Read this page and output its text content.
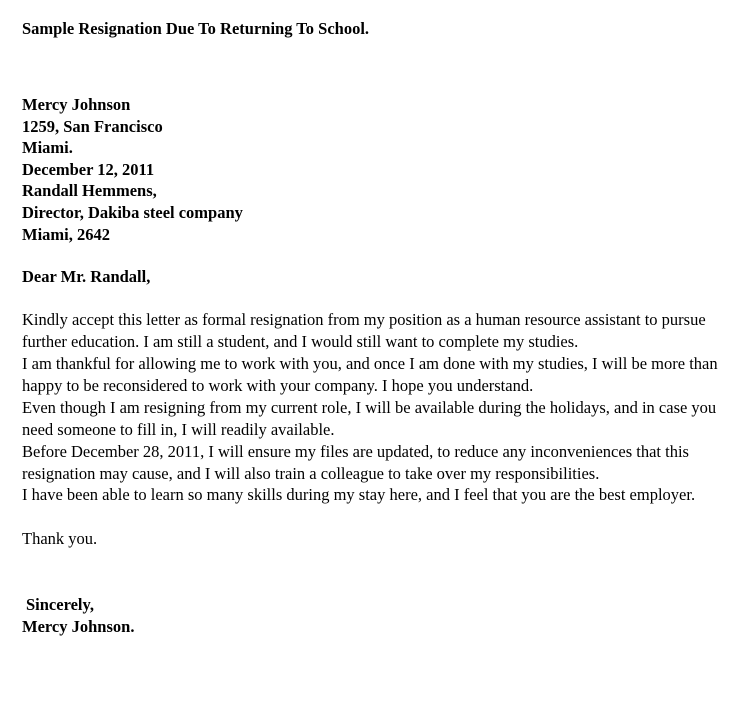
Sample Resignation Due To Returning To School.
Mercy Johnson
1259, San Francisco
Miami.
December 12, 2011
Randall Hemmens,
Director, Dakiba steel company
Miami, 2642
Dear Mr. Randall,

Kindly accept this letter as formal resignation from my position as a human resource assistant to pursue further education. I am still a student, and I would still want to complete my studies.

I am thankful for allowing me to work with you, and once I am done with my studies, I will be more than happy to be reconsidered to work with your company. I hope you understand.

Even though I am resigning from my current role, I will be available during the holidays, and in case you need someone to fill in, I will readily available.

Before December 28, 2011, I will ensure my files are updated, to reduce any inconveniences that this resignation may cause, and I will also train a colleague to take over my responsibilities.

I have been able to learn so many skills during my stay here, and I feel that you are the best employer.

Thank you.
Sincerely,
Mercy Johnson.
